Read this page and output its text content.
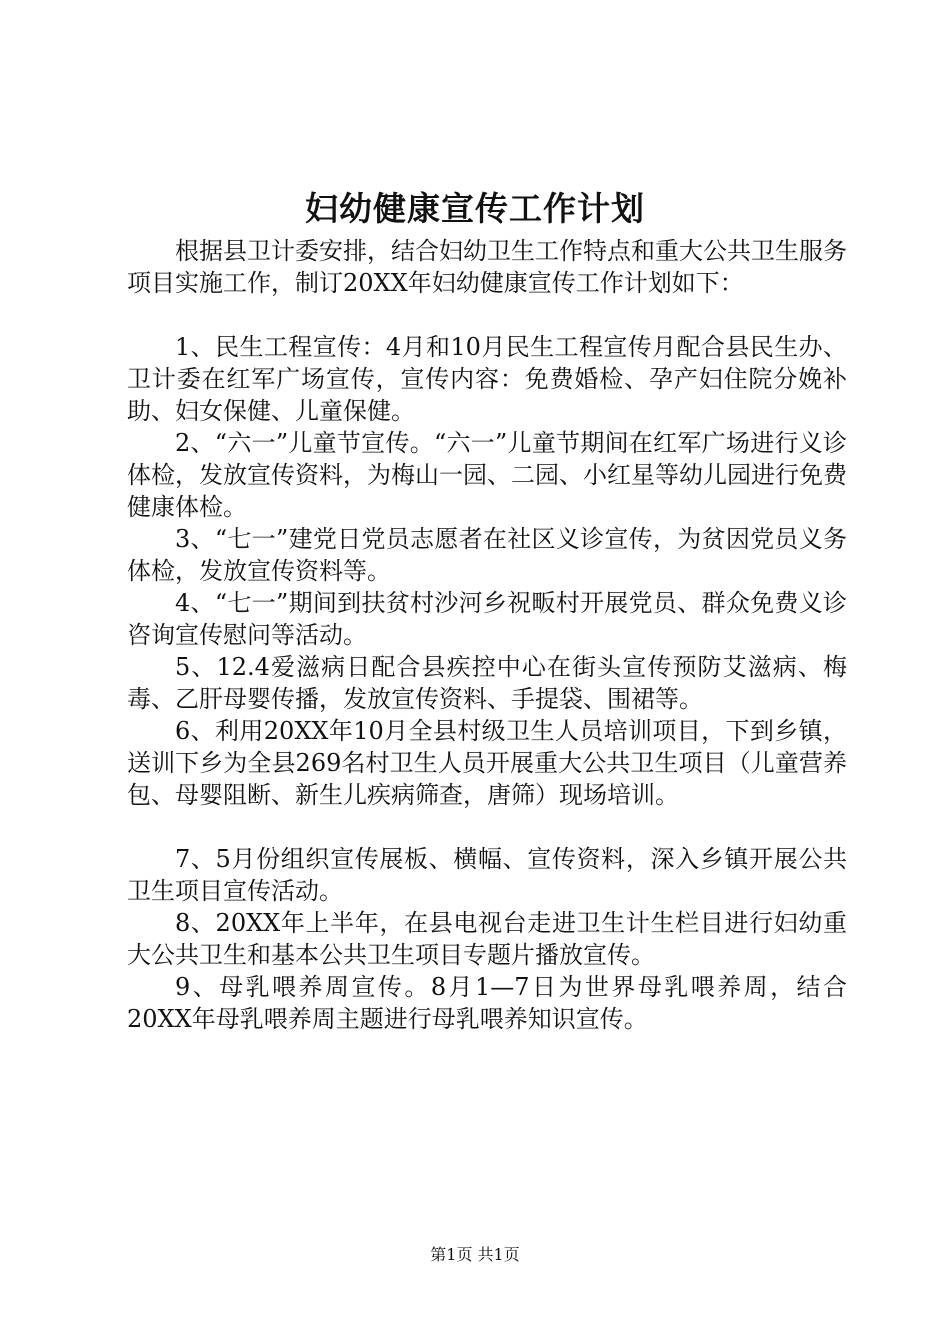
妇幼健康宣传工作计划

根据县卫计委安排，结合妇幼卫生工作特点和重大公共卫生服务项目实施工作，制订20XX年妇幼健康宣传工作计划如下：

1、民生工程宣传：4月和10月民生工程宣传月配合县民生办、卫计委在红军广场宣传，宣传内容：免费婚检、孕产妇住院分娩补助、妇女保健、儿童保健。

2、“六一”儿童节宣传。“六一”儿童节期间在红军广场进行义诊体检，发放宣传资料，为梅山一园、二园、小红星等幼儿园进行免费健康体检。

3、“七一”建党日党员志愿者在社区义诊宣传，为贫因党员义务体检，发放宣传资料等。

4、“七一”期间到扶贫村沙河乡祝畈村开展党员、群众免费义诊咨询宣传慰问等活动。

5、12.4爱滋病日配合县疾控中心在街头宣传预防艾滋病、梅毒、乙肝母婴传播，发放宣传资料、手提袋、围裙等。

6、利用20XX年10月全县村级卫生人员培训项目，下到乡镇，送训下乡为全县269名村卫生人员开展重大公共卫生项目（儿童营养包、母婴阻断、新生儿疾病筛查，唐筛）现场培训。

7、5月份组织宣传展板、横幅、宣传资料，深入乡镇开展公共卫生项目宣传活动。

8、20XX年上半年，在县电视台走进卫生计生栏目进行妇幼重大公共卫生和基本公共卫生项目专题片播放宣传。

9、母乳喂养周宣传。8月1—7日为世界母乳喂养周，结合20XX年母乳喂养周主题进行母乳喂养知识宣传。

第1页 共1页
